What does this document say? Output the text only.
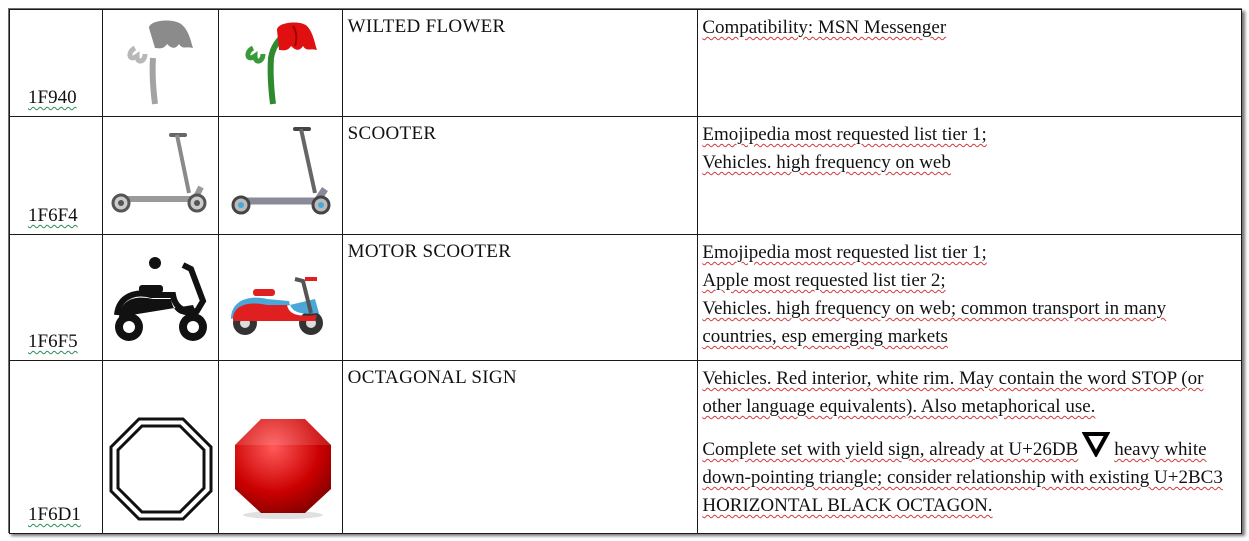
1F940			WILTED FLOWER	Compatibility: MSN Messenger

1F6F4			SCOOTER	Emojipedia most requested list tier 1;

Vehicles. high frequency on web

1F6F5			MOTOR SCOOTER	Emojipedia most requested list tier 1;

Apple most requested list tier 2;

Vehicles. high frequency on web; common transport in many countries, esp emerging markets

1F6D1			OCTAGONAL SIGN	Vehicles. Red interior, white rim. May contain the word STOP (or other language equivalents). Also metaphorical use.

Complete set with yield sign, already at U+26DB heavy white down-pointing triangle; consider relationship with existing U+2BC3 HORIZONTAL BLACK OCTAGON.
